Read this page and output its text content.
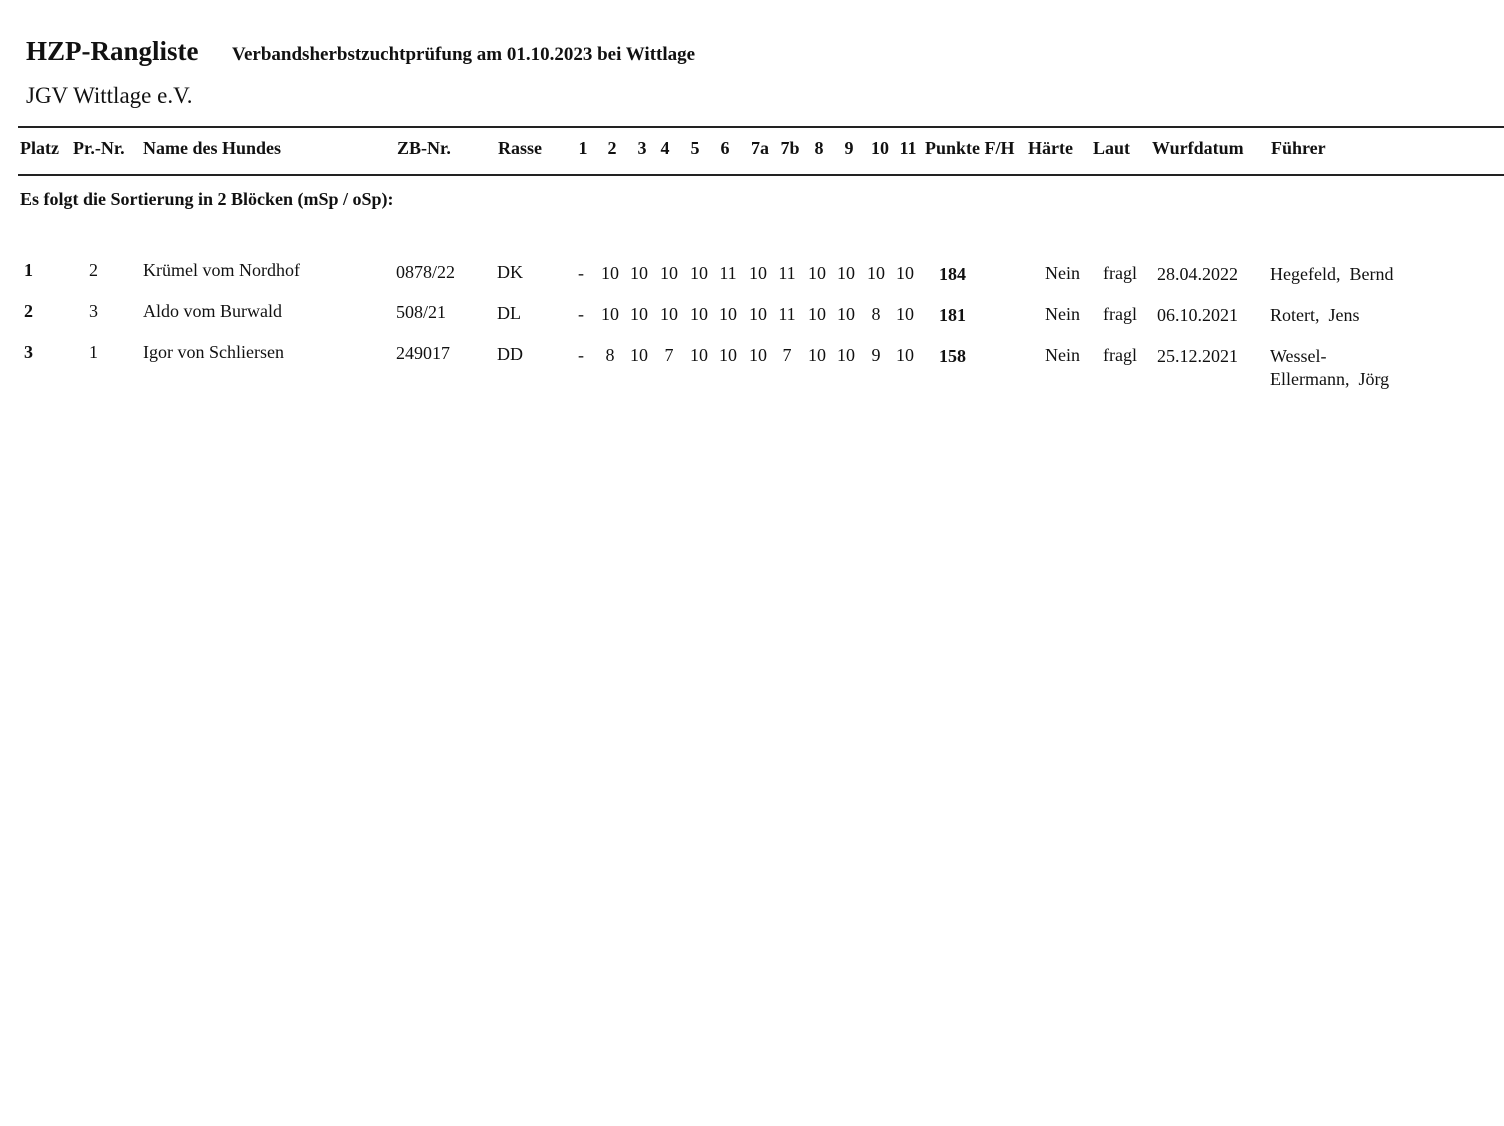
HZP-Rangliste Verbandsherbstzuchtprüfung am 01.10.2023 bei Wittlage
JGV Wittlage e.V.
Platz Pr.-Nr. Name des Hundes	ZB-Nr.	Rasse	1	2	3 4	5	6	7a 7b 8	9 10 11 Punkte F/H Härte Laut Wurfdatum Führer
Es folgt die Sortierung in 2 Blöcken (mSp / oSp):
1	2	Krümel vom Nordhof	0878/22 DK	- 10 10 10 10 11 10 11 10 10 10 10	184	Nein fragl 28.04.2022 Hegefeld,  Bernd
2	3	Aldo vom Burwald	508/21	DL	- 10 10 10 10 10 10 11 10 10 8 10	181	Nein fragl 06.10.2021 Rotert,  Jens
3	1	Igor von Schliersen	249017	DD	-	8 10 7 10 10 10 7 10 10 9 10	158	Nein fragl 25.12.2021 Wessel-
Ellermann,  Jörg
